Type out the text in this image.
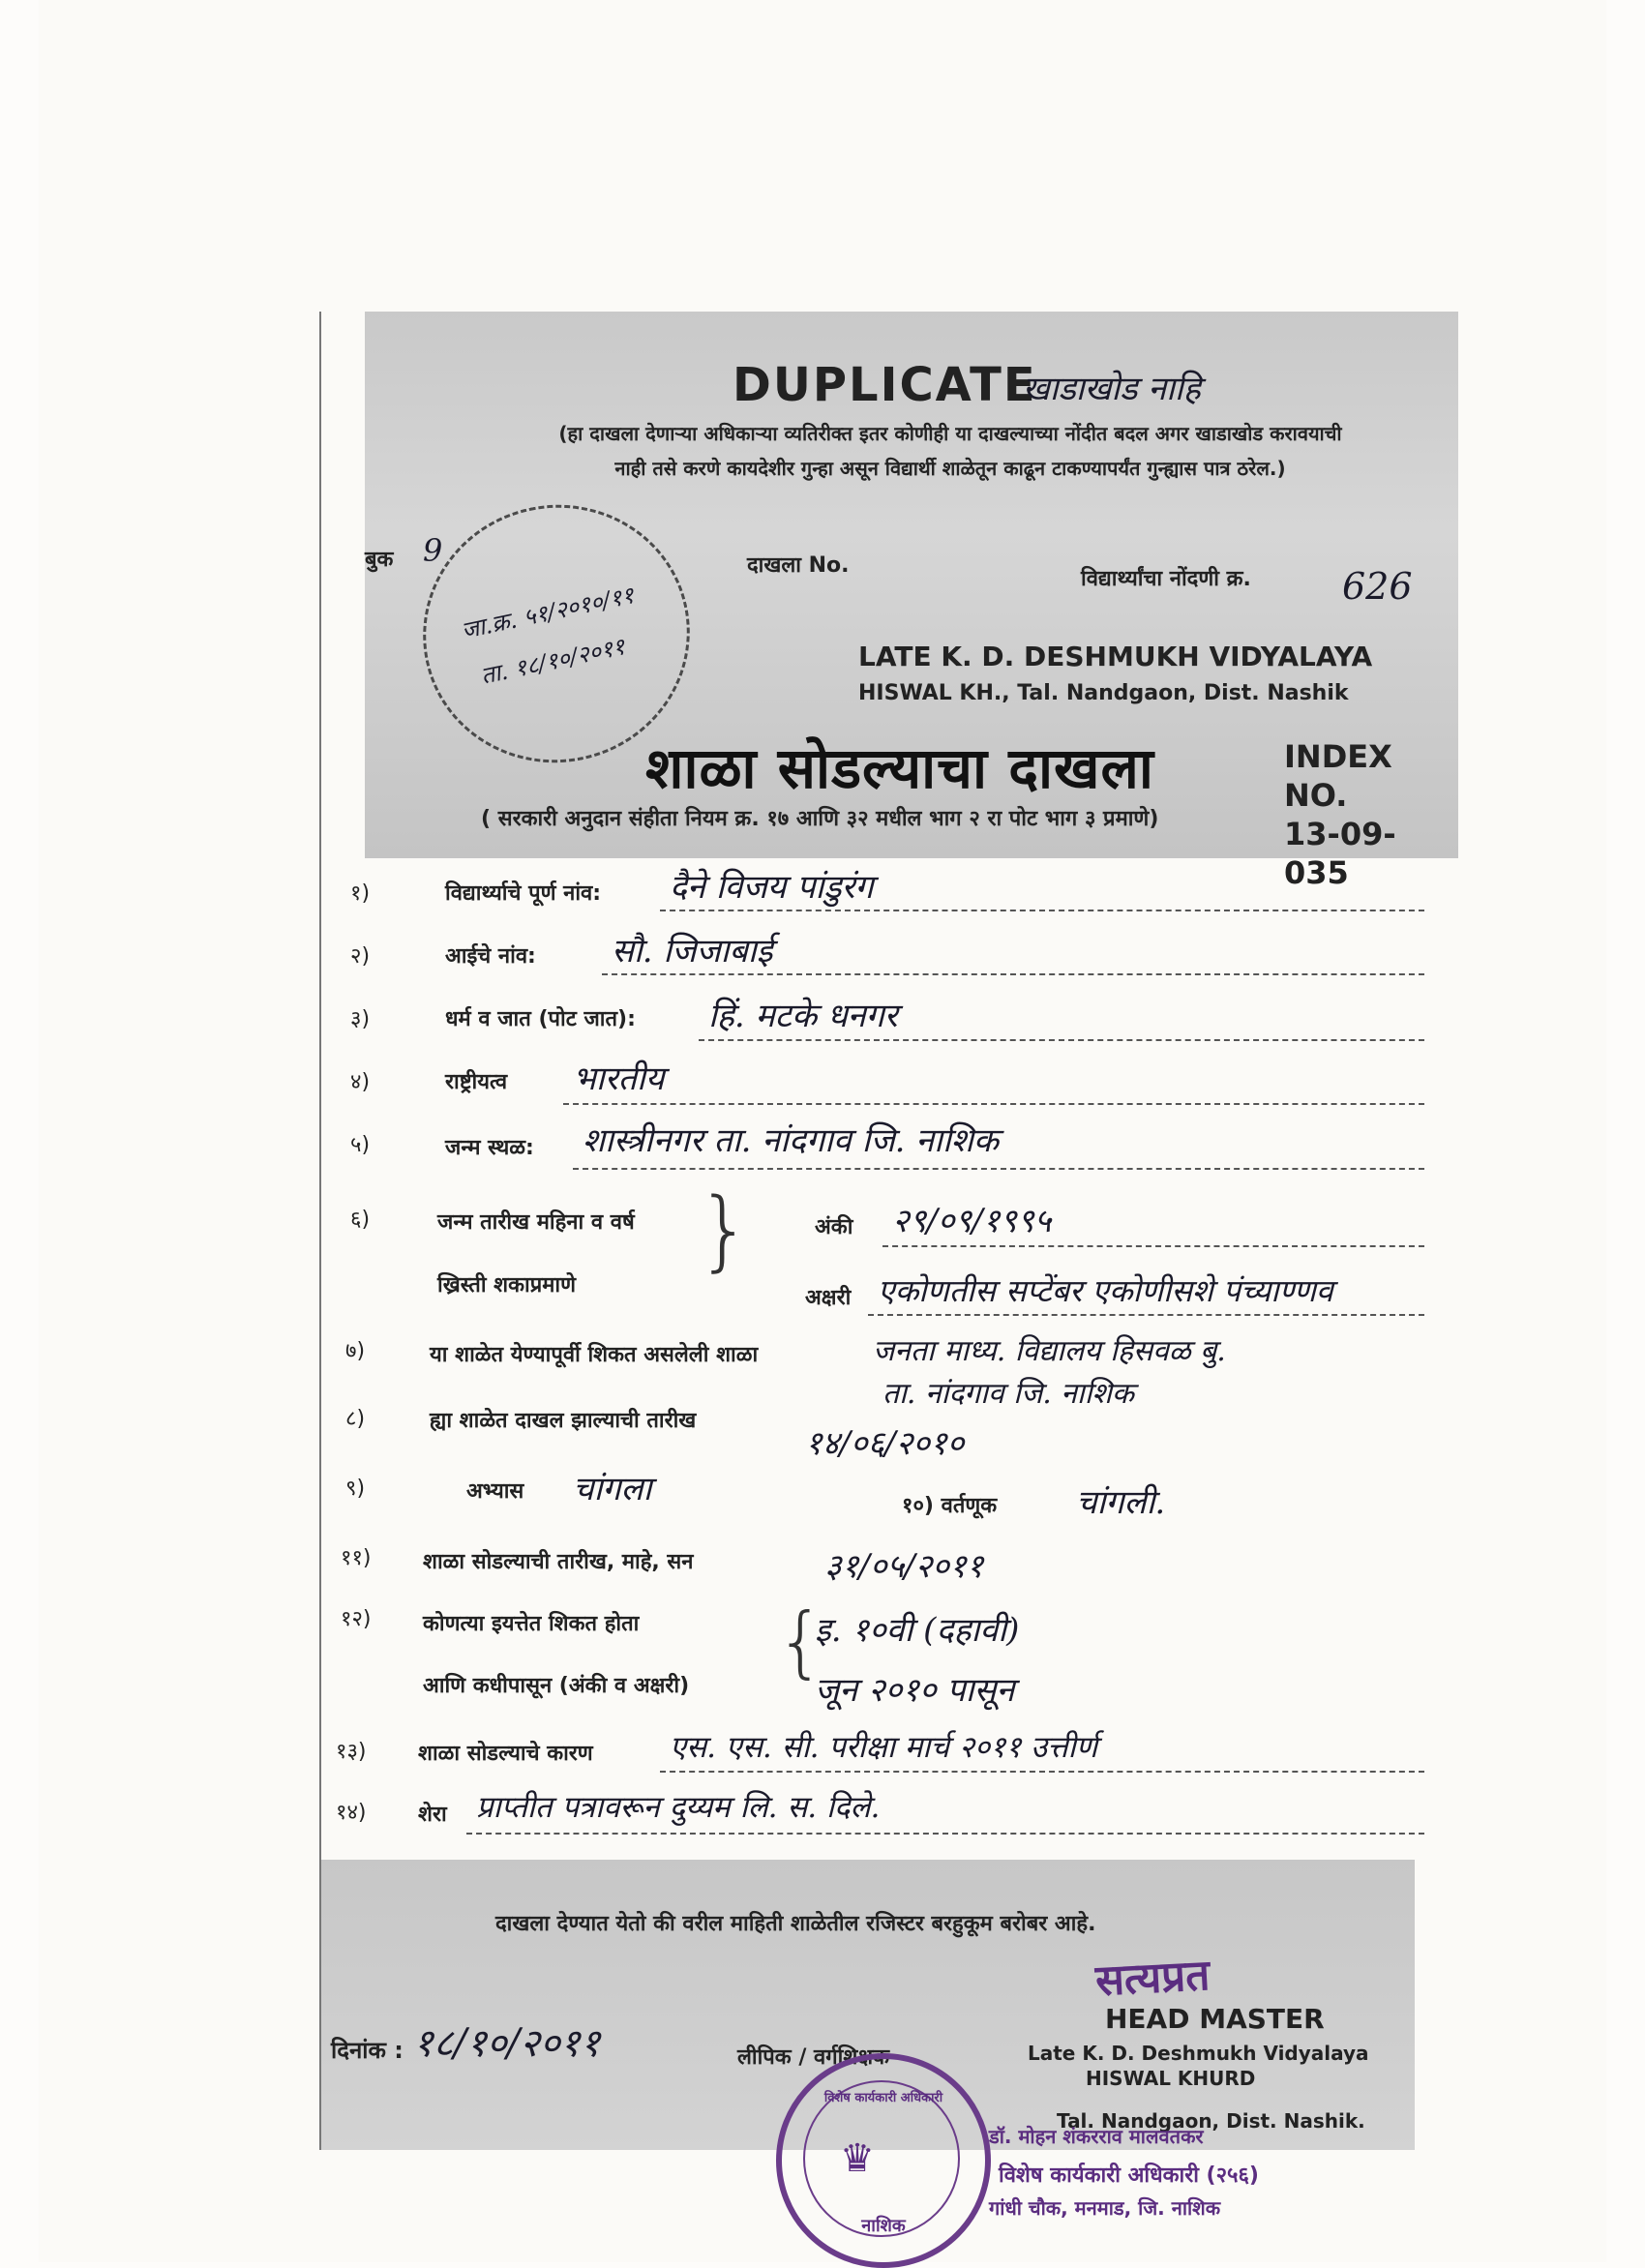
DUPLICATE
खाडाखोड नाहि
(हा दाखला देणाऱ्या अधिकाऱ्या व्यतिरीक्त इतर कोणीही या दाखल्याच्या नोंदीत बदल अगर खाडाखोड करावयाची
नाही तसे करणे कायदेशीर गुन्हा असून विद्यार्थी शाळेतून काढून टाकण्यापर्यंत गुन्ह्यास पात्र ठरेल.)
बुक 9	दाखला No.
विद्यार्थ्यांचा नोंदणी क्र. 626
जा.क्र. ५१/२०१०/११
ता. १८/१०/२०११	LATE K. D. DESHMUKH VIDYALAYA
HISWAL KH., Tal. Nandgaon, Dist. Nashik
शाळा सोडल्याचा दाखला	INDEX NO.
13-09-035
( सरकारी अनुदान संहीता नियम क्र. १७ आणि ३२ मधील भाग २ रा पोट भाग ३ प्रमाणे)
१)	विद्यार्थ्याचे पूर्ण नांव: दैने विजय पांडुरंग
२)	आईचे नांव: सौ. जिजाबाई
३)	धर्म व जात (पोट जात): हिं. मटके धनगर
४)	राष्ट्रीयत्व भारतीय
५)	जन्म स्थळ: शास्त्रीनगर ता. नांदगाव जि. नाशिक
६)	जन्म तारीख महिना व वर्ष
ख्रिस्ती शकाप्रमाणे
}	अंकी २९/०९/१९९५
अक्षरी एकोणतीस सप्टेंबर एकोणीसशे पंच्याण्णव
७)	या शाळेत येण्यापूर्वी शिकत असलेली शाळा	जनता माध्य. विद्यालय हिसवळ बु.
ता. नांदगाव जि. नाशिक
८)	ह्या शाळेत दाखल झाल्याची तारीख
१४/०६/२०१०
९)	अभ्यास चांगला	१०) वर्तणूक चांगली.
११) शाळा सोडल्याची तारीख, माहे, सन	३१/०५/२०११
१२) कोणत्या इयत्तेत शिकत होता
आणि कधीपासून (अंकी व अक्षरी) {
इ. १०वी (दहावी)
जून २०१० पासून
१३) शाळा सोडल्याचे कारण	एस. एस. सी. परीक्षा मार्च २०११ उत्तीर्ण
१४) शेरा प्राप्तीत पत्रावरून दुय्यम लि. स. दिले.
दाखला देण्यात येतो की वरील माहिती शाळेतील रजिस्टर बरहुकूम बरोबर आहे.
दिनांक : १८/१०/२०११	लीपिक / वर्गशिक्षक
सत्यप्रत
HEAD MASTER
Late K. D. Deshmukh Vidyalaya
HISWAL KHURD
Tal. Nandgaon, Dist. Nashik.
विशेष कार्यकारी अधिकारी
♛
नाशिक
डॉ. मोहन शंकरराव मालवतकर
विशेष कार्यकारी अधिकारी (२५६)
गांधी चौक, मनमाड, जि. नाशिक
